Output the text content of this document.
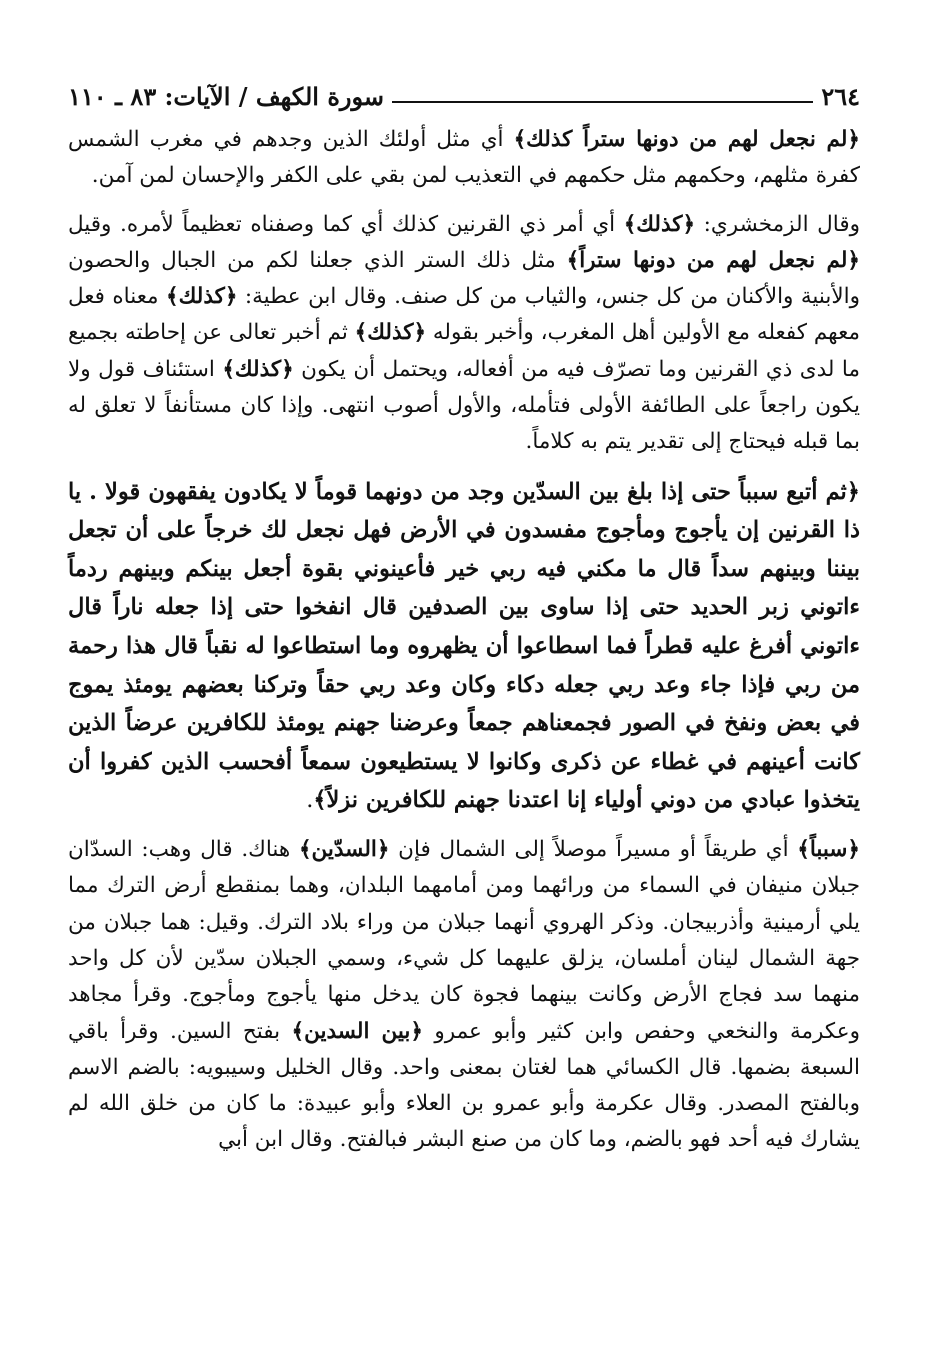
٢٦٤
سورة الكهف / الآيات: ٨٣ ـ ١١٠

﴿لم نجعل لهم من دونها ستراً كذلك﴾ أي مثل أولئك الذين وجدهم في مغرب الشمس كفرة مثلهم، وحكمهم مثل حكمهم في التعذيب لمن بقي على الكفر والإحسان لمن آمن.

وقال الزمخشري: ﴿كذلك﴾ أي أمر ذي القرنين كذلك أي كما وصفناه تعظيماً لأمره. وقيل ﴿لم نجعل لهم من دونها ستراً﴾ مثل ذلك الستر الذي جعلنا لكم من الجبال والحصون والأبنية والأكنان من كل جنس، والثياب من كل صنف. وقال ابن عطية: ﴿كذلك﴾ معناه فعل معهم كفعله مع الأولين أهل المغرب، وأخبر بقوله ﴿كذلك﴾ ثم أخبر تعالى عن إحاطته بجميع ما لدى ذي القرنين وما تصرّف فيه من أفعاله، ويحتمل أن يكون ﴿كذلك﴾ استئناف قول ولا يكون راجعاً على الطائفة الأولى فتأمله، والأول أصوب انتهى. وإذا كان مستأنفاً لا تعلق له بما قبله فيحتاج إلى تقدير يتم به كلاماً.

﴿ثم أتبع سبباً حتى إذا بلغ بين السدّين وجد من دونهما قوماً لا يكادون يفقهون قولا . يا ذا القرنين إن يأجوج ومأجوج مفسدون في الأرض فهل نجعل لك خرجاً على أن تجعل بيننا وبينهم سداً قال ما مكني فيه ربي خير فأعينوني بقوة أجعل بينكم وبينهم ردماً ءاتوني زبر الحديد حتى إذا ساوى بين الصدفين قال انفخوا حتى إذا جعله ناراً قال ءاتوني أفرغ عليه قطراً فما اسطاعوا أن يظهروه وما استطاعوا له نقباً قال هذا رحمة من ربي فإذا جاء وعد ربي جعله دكاء وكان وعد ربي حقاً وتركنا بعضهم يومئذ يموج في بعض ونفخ في الصور فجمعناهم جمعاً وعرضنا جهنم يومئذ للكافرين عرضاً الذين كانت أعينهم في غطاء عن ذكرى وكانوا لا يستطيعون سمعاً أفحسب الذين كفروا أن يتخذوا عبادي من دوني أولياء إنا اعتدنا جهنم للكافرين نزلاً﴾.

﴿سبباً﴾ أي طريقاً أو مسيراً موصلاً إلى الشمال فإن ﴿السدّين﴾ هناك. قال وهب: السدّان جبلان منيفان في السماء من ورائهما ومن أمامهما البلدان، وهما بمنقطع أرض الترك مما يلي أرمينية وأذربيجان. وذكر الهروي أنهما جبلان من وراء بلاد الترك. وقيل: هما جبلان من جهة الشمال لينان أملسان، يزلق عليهما كل شيء، وسمي الجبلان سدّين لأن كل واحد منهما سد فجاج الأرض وكانت بينهما فجوة كان يدخل منها يأجوج ومأجوج. وقرأ مجاهد وعكرمة والنخعي وحفص وابن كثير وأبو عمرو ﴿بين السدين﴾ بفتح السين. وقرأ باقي السبعة بضمها. قال الكسائي هما لغتان بمعنى واحد. وقال الخليل وسيبويه: بالضم الاسم وبالفتح المصدر. وقال عكرمة وأبو عمرو بن العلاء وأبو عبيدة: ما كان من خلق الله لم يشارك فيه أحد فهو بالضم، وما كان من صنع البشر فبالفتح. وقال ابن أبي
